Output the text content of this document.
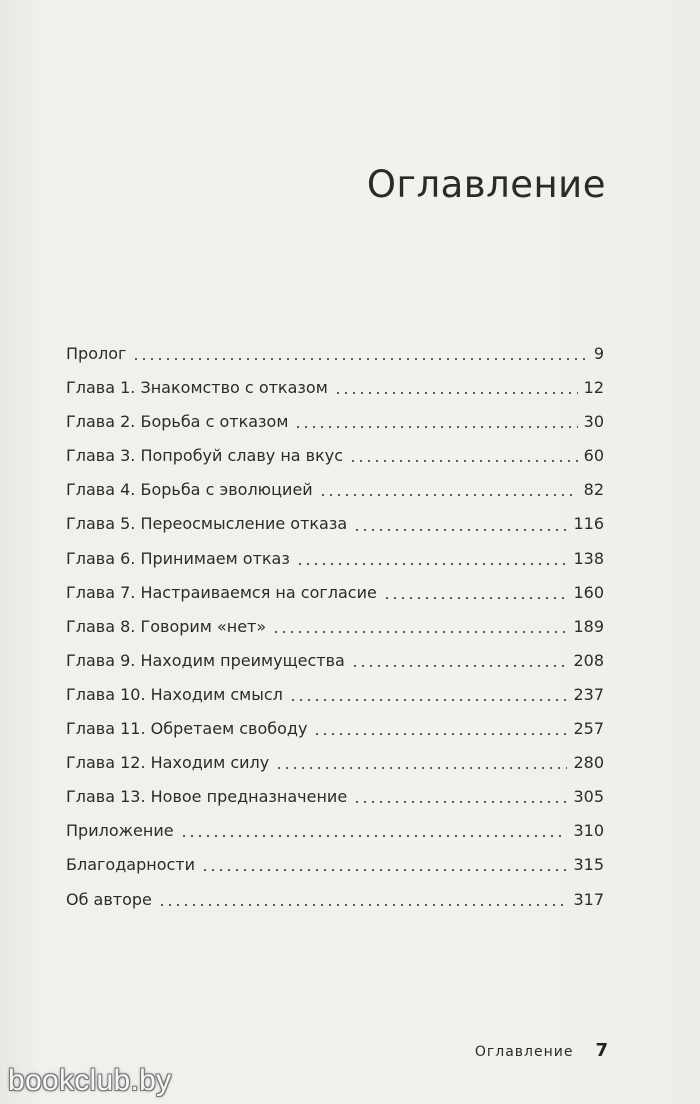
Оглавление
Пролог	9
Глава 1. Знакомство с отказом	12
Глава 2. Борьба с отказом	30
Глава 3. Попробуй славу на вкус	60
Глава 4. Борьба с эволюцией	82
Глава 5. Переосмысление отказа	116
Глава 6. Принимаем отказ	138
Глава 7. Настраиваемся на согласие	160
Глава 8. Говорим «нет»	189
Глава 9. Находим преимущества	208
Глава 10. Находим смысл	237
Глава 11. Обретаем свободу	257
Глава 12. Находим силу	280
Глава 13. Новое предназначение	305
Приложение	310
Благодарности	315
Об авторе	317
Оглавление 7
bookclub.by
